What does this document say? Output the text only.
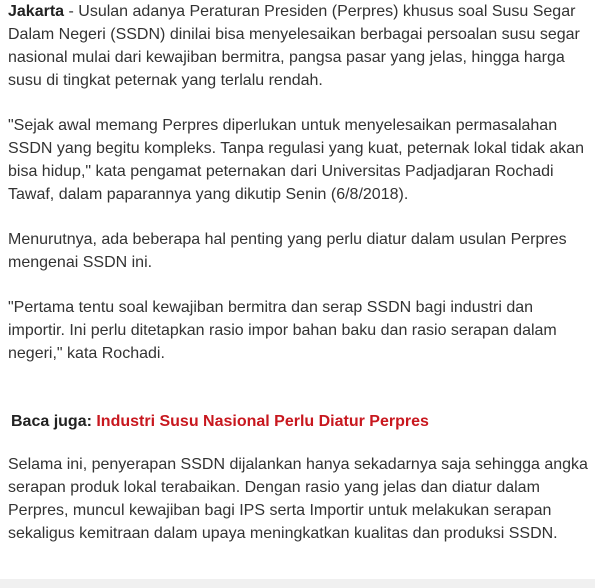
Jakarta - Usulan adanya Peraturan Presiden (Perpres) khusus soal Susu Segar Dalam Negeri (SSDN) dinilai bisa menyelesaikan berbagai persoalan susu segar nasional mulai dari kewajiban bermitra, pangsa pasar yang jelas, hingga harga susu di tingkat peternak yang terlalu rendah.

"Sejak awal memang Perpres diperlukan untuk menyelesaikan permasalahan SSDN yang begitu kompleks. Tanpa regulasi yang kuat, peternak lokal tidak akan bisa hidup," kata pengamat peternakan dari Universitas Padjadjaran Rochadi Tawaf, dalam paparannya yang dikutip Senin (6/8/2018).

Menurutnya, ada beberapa hal penting yang perlu diatur dalam usulan Perpres mengenai SSDN ini.

"Pertama tentu soal kewajiban bermitra dan serap SSDN bagi industri dan importir. Ini perlu ditetapkan rasio impor bahan baku dan rasio serapan dalam negeri," kata Rochadi.

Baca juga: Industri Susu Nasional Perlu Diatur Perpres

Selama ini, penyerapan SSDN dijalankan hanya sekadarnya saja sehingga angka serapan produk lokal terabaikan. Dengan rasio yang jelas dan diatur dalam Perpres, muncul kewajiban bagi IPS serta Importir untuk melakukan serapan sekaligus kemitraan dalam upaya meningkatkan kualitas dan produksi SSDN.
